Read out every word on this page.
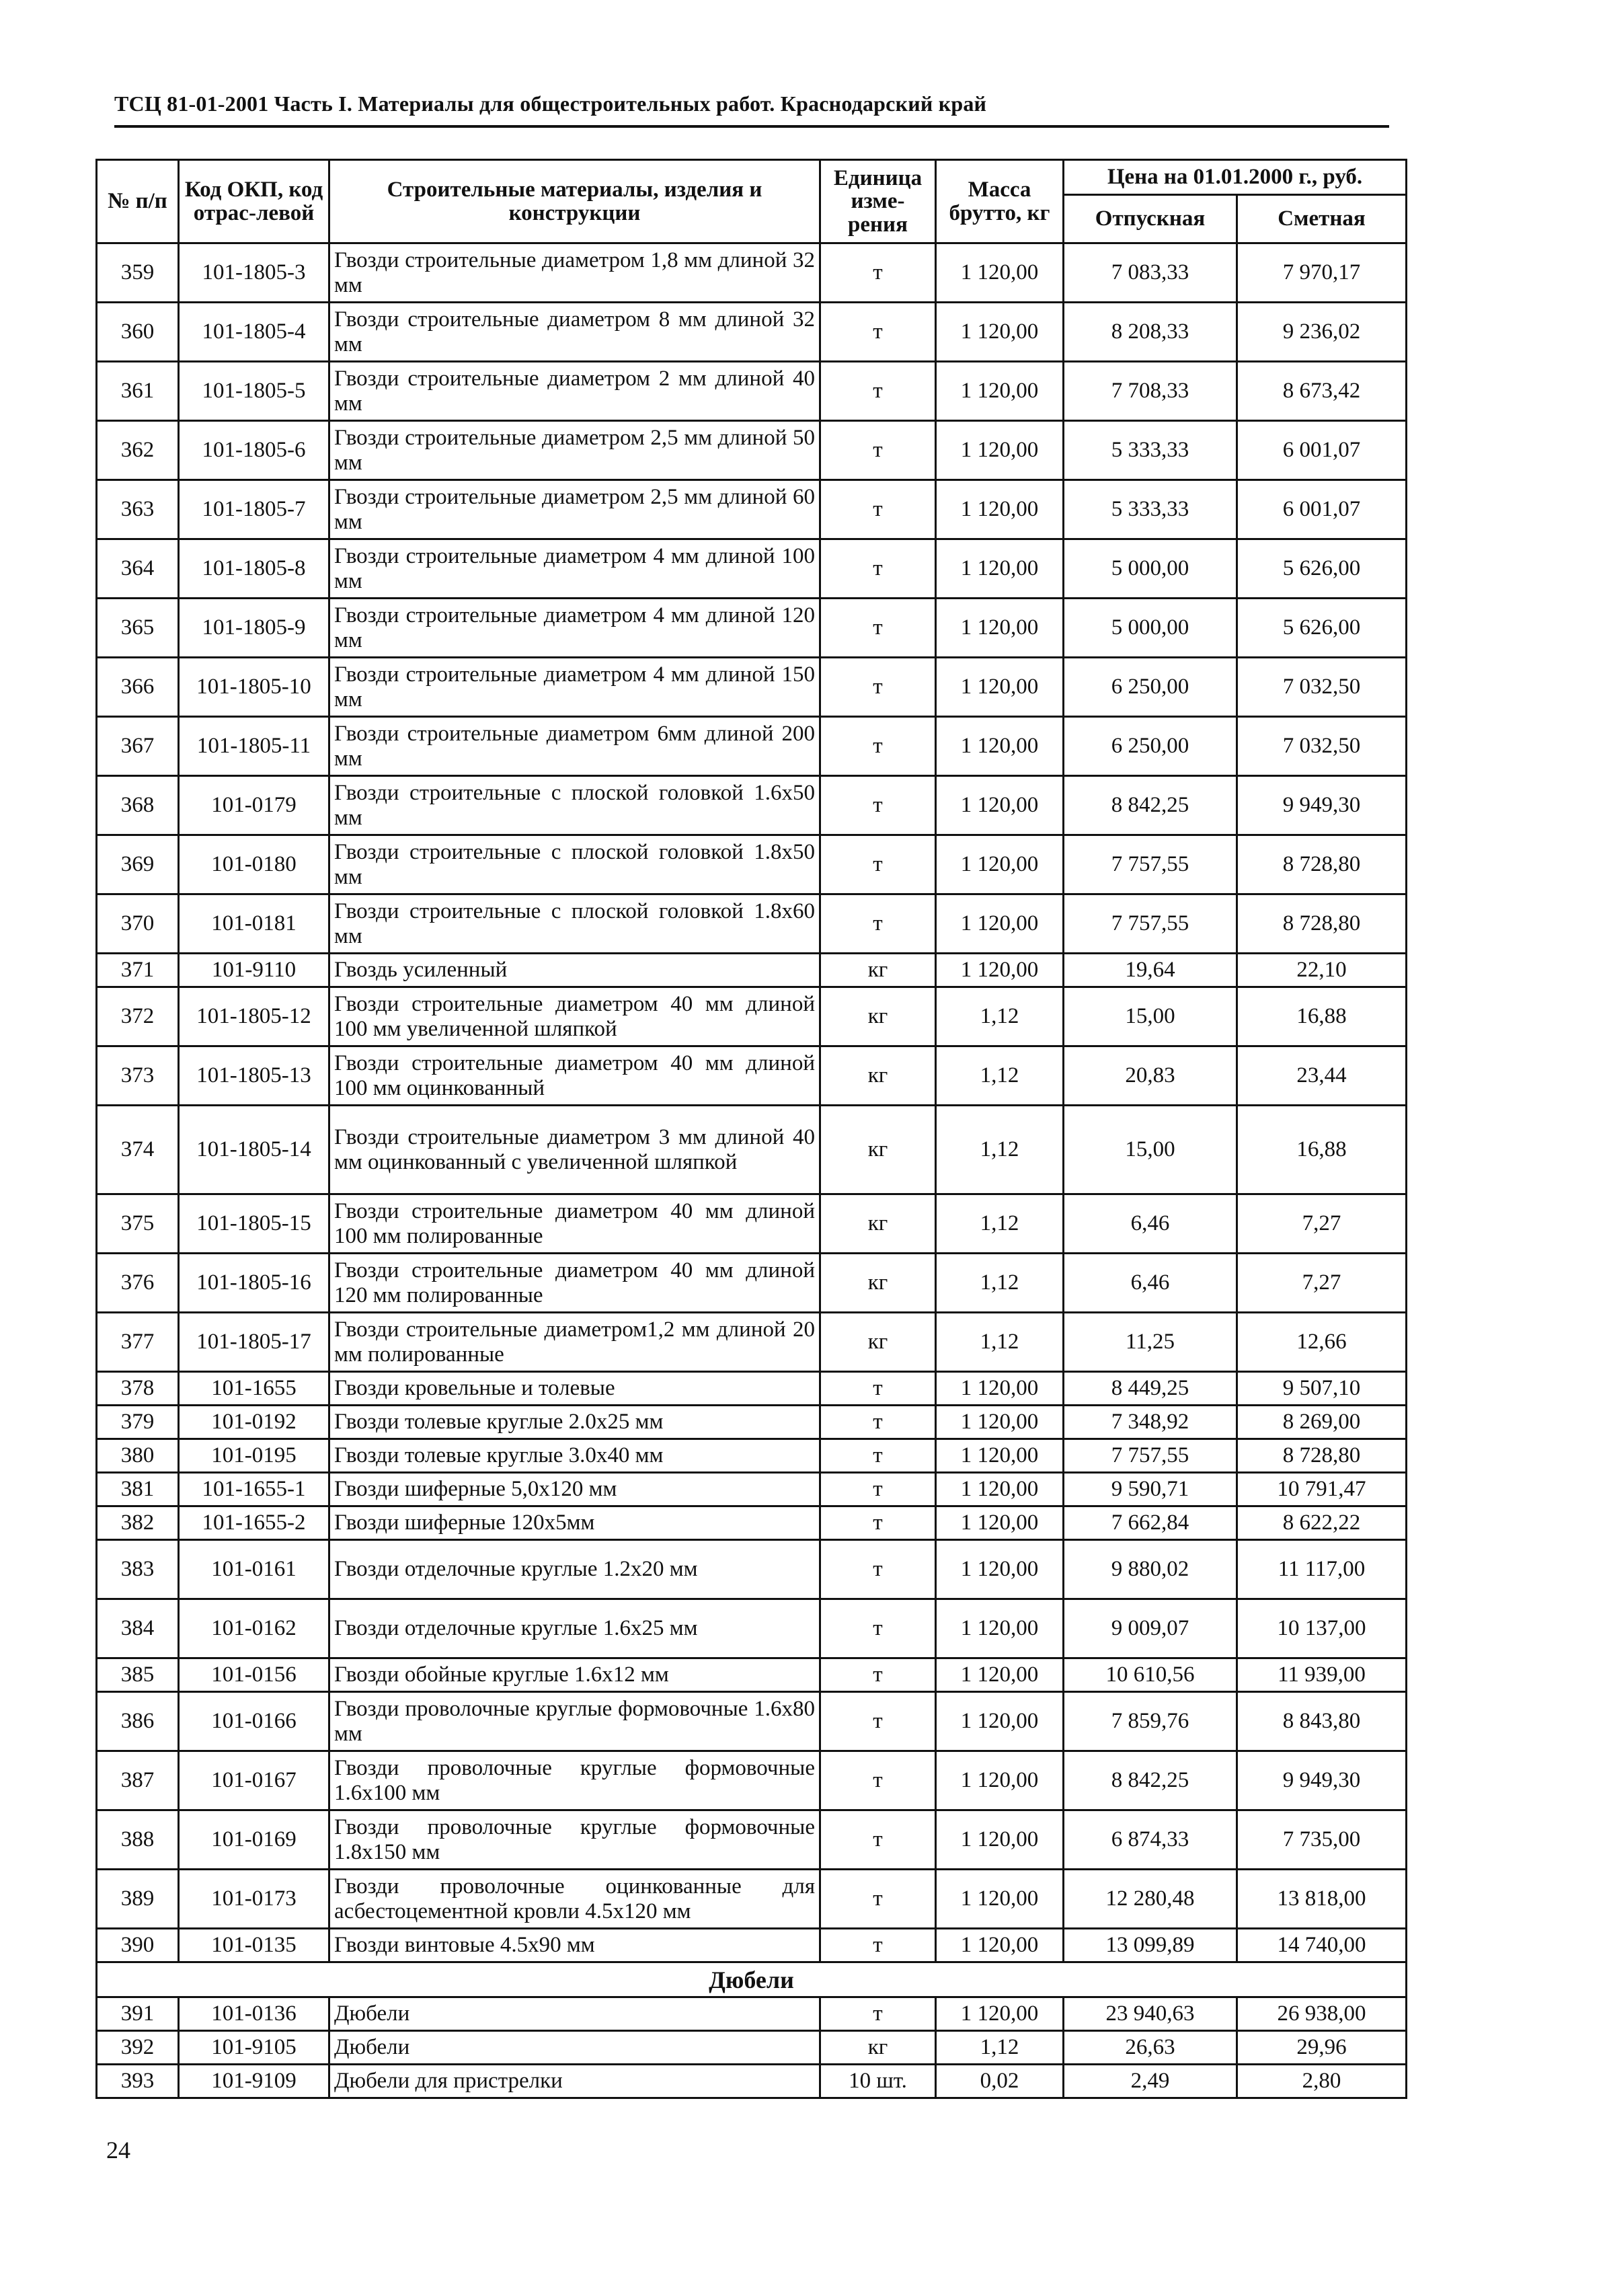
ТСЦ 81-01-2001 Часть I. Материалы для общестроительных работ. Краснодарский край
№ п/п	Код ОКП, код отрас-левой	Строительные материалы, изделия и конструкции	Единица изме-рения	Масса брутто, кг	Цена на 01.01.2000 г., руб.	
					Отпускная	Сметная
359	101-1805-3	Гвозди строительные диаметром 1,8 мм длиной 32 мм	т	1 120,00	7 083,33	7 970,17
360	101-1805-4	Гвозди строительные диаметром 8 мм длиной 32 мм	т	1 120,00	8 208,33	9 236,02
361	101-1805-5	Гвозди строительные диаметром 2 мм длиной 40 мм	т	1 120,00	7 708,33	8 673,42
362	101-1805-6	Гвозди строительные диаметром 2,5 мм длиной 50 мм	т	1 120,00	5 333,33	6 001,07
363	101-1805-7	Гвозди строительные диаметром 2,5 мм длиной 60 мм	т	1 120,00	5 333,33	6 001,07
364	101-1805-8	Гвозди строительные диаметром 4 мм длиной 100 мм	т	1 120,00	5 000,00	5 626,00
365	101-1805-9	Гвозди строительные диаметром 4 мм длиной 120 мм	т	1 120,00	5 000,00	5 626,00
366	101-1805-10	Гвозди строительные диаметром 4 мм длиной 150 мм	т	1 120,00	6 250,00	7 032,50
367	101-1805-11	Гвозди строительные диаметром 6мм длиной 200 мм	т	1 120,00	6 250,00	7 032,50
368	101-0179	Гвозди строительные с плоской головкой 1.6х50 мм	т	1 120,00	8 842,25	9 949,30
369	101-0180	Гвозди строительные с плоской головкой 1.8х50 мм	т	1 120,00	7 757,55	8 728,80
370	101-0181	Гвозди строительные с плоской головкой 1.8х60 мм	т	1 120,00	7 757,55	8 728,80
371	101-9110	Гвоздь усиленный	кг	1 120,00	19,64	22,10
372	101-1805-12	Гвозди строительные диаметром 40 мм длиной 100 мм увеличенной шляпкой	кг	1,12	15,00	16,88
373	101-1805-13	Гвозди строительные диаметром 40 мм длиной 100 мм оцинкованный	кг	1,12	20,83	23,44
374	101-1805-14	Гвозди строительные диаметром 3 мм длиной 40 мм оцинкованный с увеличенной шляпкой	кг	1,12	15,00	16,88
375	101-1805-15	Гвозди строительные диаметром 40 мм длиной 100 мм полированные	кг	1,12	6,46	7,27
376	101-1805-16	Гвозди строительные диаметром 40 мм длиной 120 мм полированные	кг	1,12	6,46	7,27
377	101-1805-17	Гвозди строительные диаметром1,2 мм длиной 20 мм полированные	кг	1,12	11,25	12,66
378	101-1655	Гвозди кровельные и толевые	т	1 120,00	8 449,25	9 507,10
379	101-0192	Гвозди толевые круглые 2.0х25 мм	т	1 120,00	7 348,92	8 269,00
380	101-0195	Гвозди толевые круглые 3.0х40 мм	т	1 120,00	7 757,55	8 728,80
381	101-1655-1	Гвозди шиферные 5,0х120 мм	т	1 120,00	9 590,71	10 791,47
382	101-1655-2	Гвозди шиферные 120х5мм	т	1 120,00	7 662,84	8 622,22
383	101-0161	Гвозди отделочные круглые 1.2х20 мм	т	1 120,00	9 880,02	11 117,00
384	101-0162	Гвозди отделочные круглые 1.6х25 мм	т	1 120,00	9 009,07	10 137,00
385	101-0156	Гвозди обойные круглые 1.6х12 мм	т	1 120,00	10 610,56	11 939,00
386	101-0166	Гвозди проволочные круглые формовочные 1.6х80 мм	т	1 120,00	7 859,76	8 843,80
387	101-0167	Гвозди проволочные круглые формовочные 1.6х100 мм	т	1 120,00	8 842,25	9 949,30
388	101-0169	Гвозди проволочные круглые формовочные 1.8х150 мм	т	1 120,00	6 874,33	7 735,00
389	101-0173	Гвозди проволочные оцинкованные для асбестоцементной кровли 4.5х120 мм	т	1 120,00	12 280,48	13 818,00
390	101-0135	Гвозди винтовые 4.5х90 мм	т	1 120,00	13 099,89	14 740,00
Дюбели						
391	101-0136	Дюбели	т	1 120,00	23 940,63	26 938,00
392	101-9105	Дюбели	кг	1,12	26,63	29,96
393	101-9109	Дюбели для пристрелки	10 шт.	0,02	2,49	2,80
24
